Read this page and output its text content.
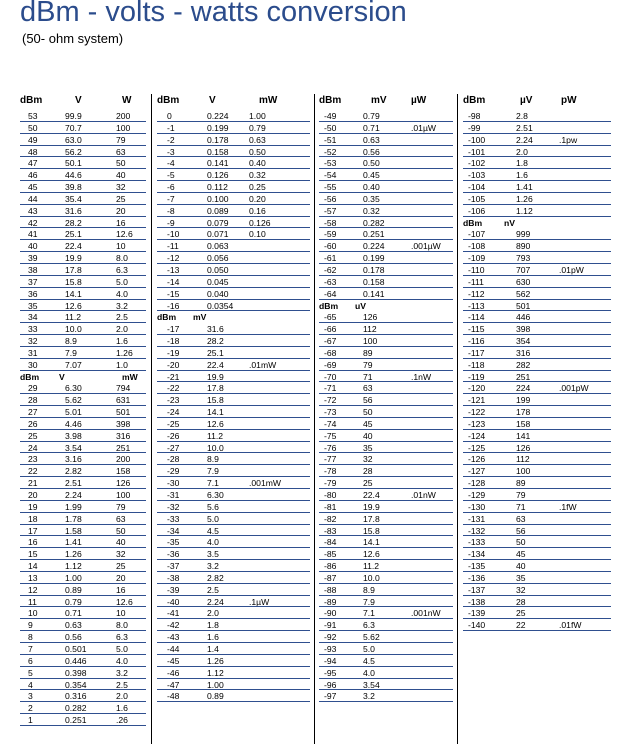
dBm - volts - watts conversion
(50- ohm system)
dBm	V	W
53	99.9	200
50	70.7	100
49	63.0	79
48	56.2	63
47	50.1	50
46	44.6	40
45	39.8	32
44	35.4	25
43	31.6	20
42	28.2	16
41	25.1	12.6
40	22.4	10
39	19.9	8.0
38	17.8	6.3
37	15.8	5.0
36	14.1	4.0
35	12.6	3.2
34	11.2	2.5
33	10.0	2.0
32	8.9	1.6
31	7.9	1.26
30	7.07	1.0
dBm V	mW
29	6.30	794
28	5.62	631
27	5.01	501
26	4.46	398
25	3.98	316
24	3.54	251
23	3.16	200
22	2.82	158
21	2.51	126
20	2.24	100
19	1.99	79
18	1.78	63
17	1.58	50
16	1.41	40
15	1.26	32
14	1.12	25
13	1.00	20
12	0.89	16
11	0.79	12.6
10	0.71	10
9	0.63	8.0
8	0.56	6.3
7	0.501	5.0
6	0.446	4.0
5	0.398	3.2
4	0.354	2.5
3	0.316	2.0
2	0.282	1.6
1	0.251	.26
dBm	V	mW
0	0.224 1.00
-1	0.199 0.79
-2	0.178 0.63
-3	0.158 0.50
-4	0.141 0.40
-5	0.126 0.32
-6	0.112 0.25
-7	0.100 0.20
-8	0.089 0.16
-9	0.079 0.126
-10	0.071 0.10
-11	0.063
-12	0.056
-13	0.050
-14	0.045
-15	0.040
-16	0.0354
dBm mV
-17	31.6
-18	28.2
-19	25.1
-20	22.4	.01mW
-21	19.9
-22	17.8
-23	15.8
-24	14.1
-25	12.6
-26	11.2
-27	10.0
-28	8.9
-29	7.9
-30	7.1	.001mW
-31	6.30
-32	5.6
-33	5.0
-34	4.5
-35	4.0
-36	3.5
-37	3.2
-38	2.82
-39	2.5
-40	2.24	.1µW
-41	2.0
-42	1.8
-43	1.6
-44	1.4
-45	1.26
-46	1.12
-47	1.00
-48	0.89
dBm	mV µW
-49	0.79
-50	0.71	.01µW
-51	0.63
-52	0.56
-53	0.50
-54	0.45
-55	0.40
-56	0.35
-57	0.32
-58	0.282
-59	0.251
-60	0.224	.001µW
-61	0.199
-62	0.178
-63	0.158
-64	0.141
dBm uV
-65	126
-66	112
-67	100
-68	89
-69	79
-70	71	.1nW
-71	63
-72	56
-73	50
-74	45
-75	40
-76	35
-77	32
-78	28
-79	25
-80	22.4	.01nW
-81	19.9
-82	17.8
-83	15.8
-84	14.1
-85	12.6
-86	11.2
-87	10.0
-88	8.9
-89	7.9
-90	7.1	.001nW
-91	6.3
-92	5.62
-93	5.0
-94	4.5
-95	4.0
-96	3.54
-97	3.2
dBm	µV	pW
-98	2.8
-99	2.51
-100	2.24	.1pw
-101	2.0
-102	1.8
-103	1.6
-104	1.41
-105	1.26
-106	1.12
dBm	nV
-107	999
-108	890
-109	793
-110	707	.01pW
-111	630
-112	562
-113	501
-114	446
-115	398
-116	354
-117	316
-118	282
-119	251
-120	224	.001pW
-121	199
-122	178
-123	158
-124	141
-125	126
-126	112
-127	100
-128	89
-129	79
-130	71	.1fW
-131	63
-132	56
-133	50
-134	45
-135	40
-136	35
-137	32
-138	28
-139	25
-140	22	.01fW
